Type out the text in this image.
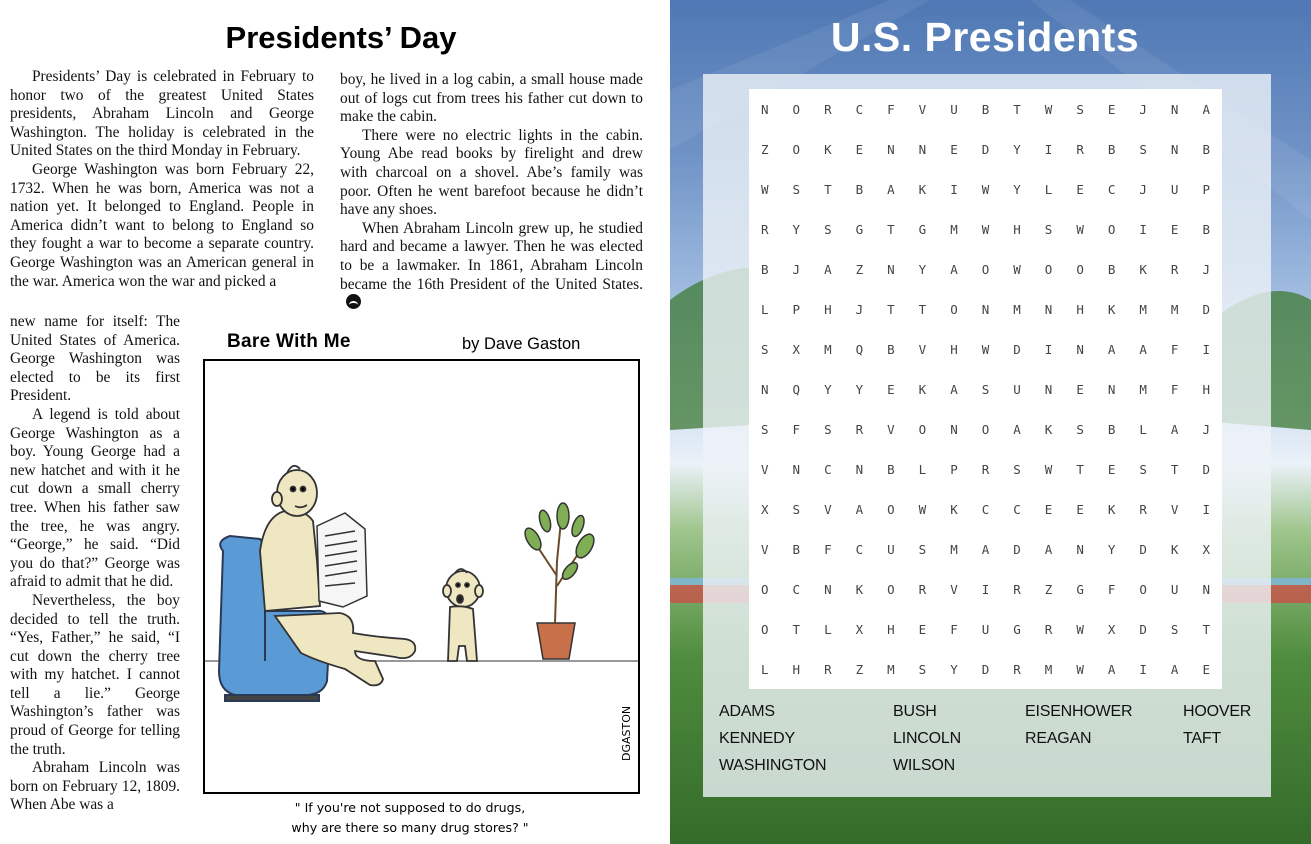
Presidents’ Day

Presidents’ Day is celebrated in February to honor two of the greatest United States presidents, Abraham Lincoln and George Washington. The holiday is celebrated in the United States on the third Monday in February.

George Washington was born February 22, 1732. When he was born, America was not a nation yet. It belonged to England. People in America didn’t want to belong to England so they fought a war to become a separate country. George Washington was an American general in the war. America won the war and picked a

new name for itself: The United States of America. George Washington was elected to be its first President.

A legend is told about George Washington as a boy. Young George had a new hatchet and with it he cut down a small cherry tree. When his father saw the tree, he was angry. “George,” he said. “Did you do that?” George was afraid to admit that he did.

Nevertheless, the boy decided to tell the truth. “Yes, Father,” he said, “I cut down the cherry tree with my hatchet. I cannot tell a lie.” George Washington’s father was proud of George for telling the truth.

Abraham Lincoln was born on February 12, 1809. When Abe was a

boy, he lived in a log cabin, a small house made out of logs cut from trees his father cut down to make the cabin.

There were no electric lights in the cabin. Young Abe read books by firelight and drew with charcoal on a shovel. Abe’s family was poor. Often he went barefoot because he didn’t have any shoes.

When Abraham Lincoln grew up, he studied hard and became a lawyer. Then he was elected to be a lawmaker. In 1861, Abraham Lincoln became the 16th President of the United States.

Bare With Me	by Dave Gaston
DGASTON
" If you're not supposed to do drugs,
why are there so many drug stores? "
U.S. Presidents
N	O	R	C	F	V	U	B	T	W	S	E	J	N	A
Z	O	K	E	N	N	E	D	Y	I	R	B	S	N	B
W	S	T	B	A	K	I	W	Y	L	E	C	J	U	P
R	Y	S	G	T	G	M	W	H	S	W	O	I	E	B
B	J	A	Z	N	Y	A	O	W	O	O	B	K	R	J
L	P	H	J	T	T	O	N	M	N	H	K	M	M	D
S	X	M	Q	B	V	H	W	D	I	N	A	A	F	I
N	Q	Y	Y	E	K	A	S	U	N	E	N	M	F	H
S	F	S	R	V	O	N	O	A	K	S	B	L	A	J
V	N	C	N	B	L	P	R	S	W	T	E	S	T	D
X	S	V	A	O	W	K	C	C	E	E	K	R	V	I
V	B	F	C	U	S	M	A	D	A	N	Y	D	K	X
O	C	N	K	O	R	V	I	R	Z	G	F	O	U	N
O	T	L	X	H	E	F	U	G	R	W	X	D	S	T
L	H	R	Z	M	S	Y	D	R	M	W	A	I	A	E
ADAMS	BUSH	EISENHOWER	HOOVER
KENNEDY	LINCOLN	REAGAN	TAFT
WASHINGTON	WILSON
